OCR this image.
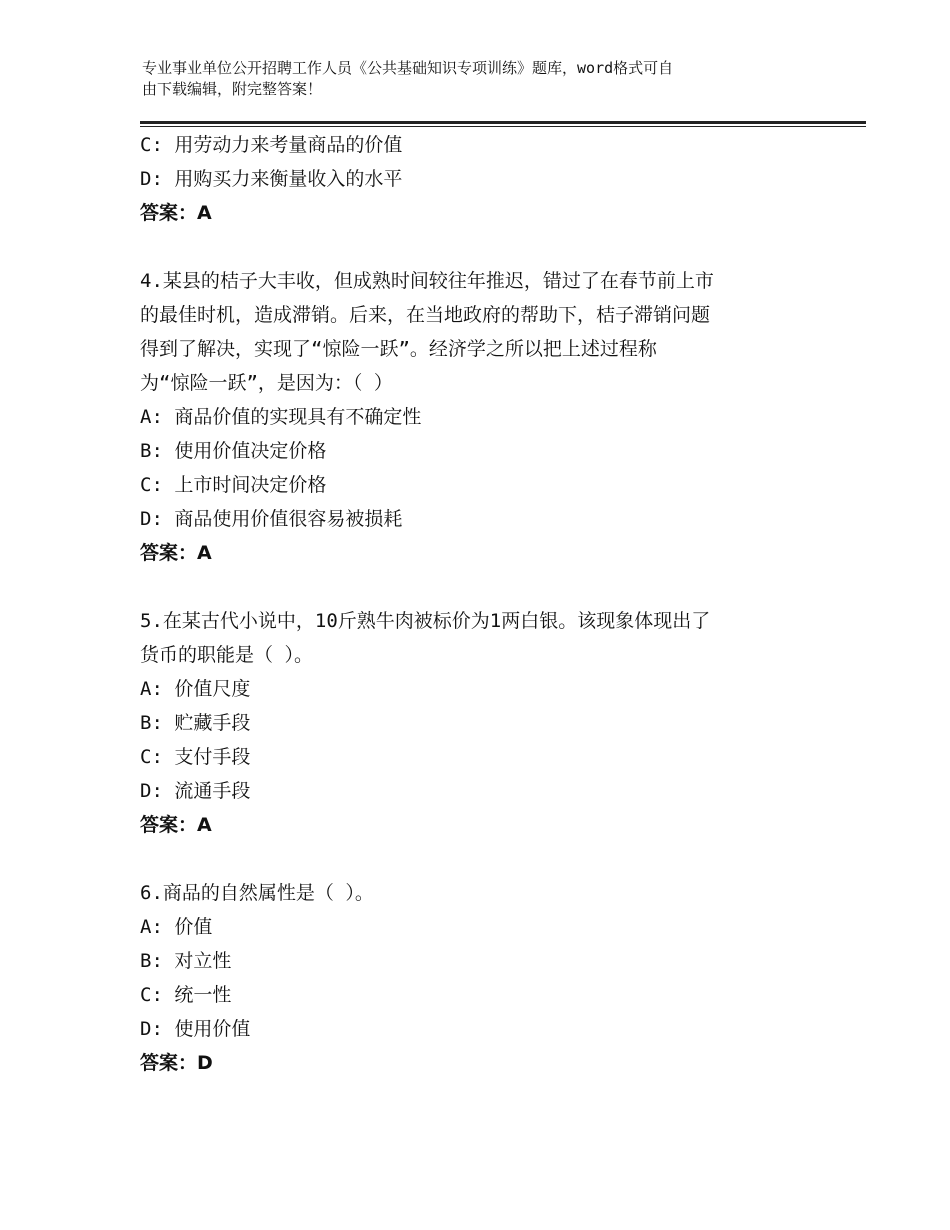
专业事业单位公开招聘工作人员《公共基础知识专项训练》题库，word格式可自
由下载编辑，附完整答案！
C: 用劳动力来考量商品的价值
D: 用购买力来衡量收入的水平
答案：A
4.某县的桔子大丰收，但成熟时间较往年推迟，错过了在春节前上市
的最佳时机，造成滞销。后来，在当地政府的帮助下，桔子滞销问题
得到了解决，实现了“惊险一跃”。经济学之所以把上述过程称
为“惊险一跃”，是因为：（ ）
A: 商品价值的实现具有不确定性
B: 使用价值决定价格
C: 上市时间决定价格
D: 商品使用价值很容易被损耗
答案：A
5.在某古代小说中，10斤熟牛肉被标价为1两白银。该现象体现出了
货币的职能是（ ）。
A: 价值尺度
B: 贮藏手段
C: 支付手段
D: 流通手段
答案：A
6.商品的自然属性是（ ）。
A: 价值
B: 对立性
C: 统一性
D: 使用价值
答案：D
